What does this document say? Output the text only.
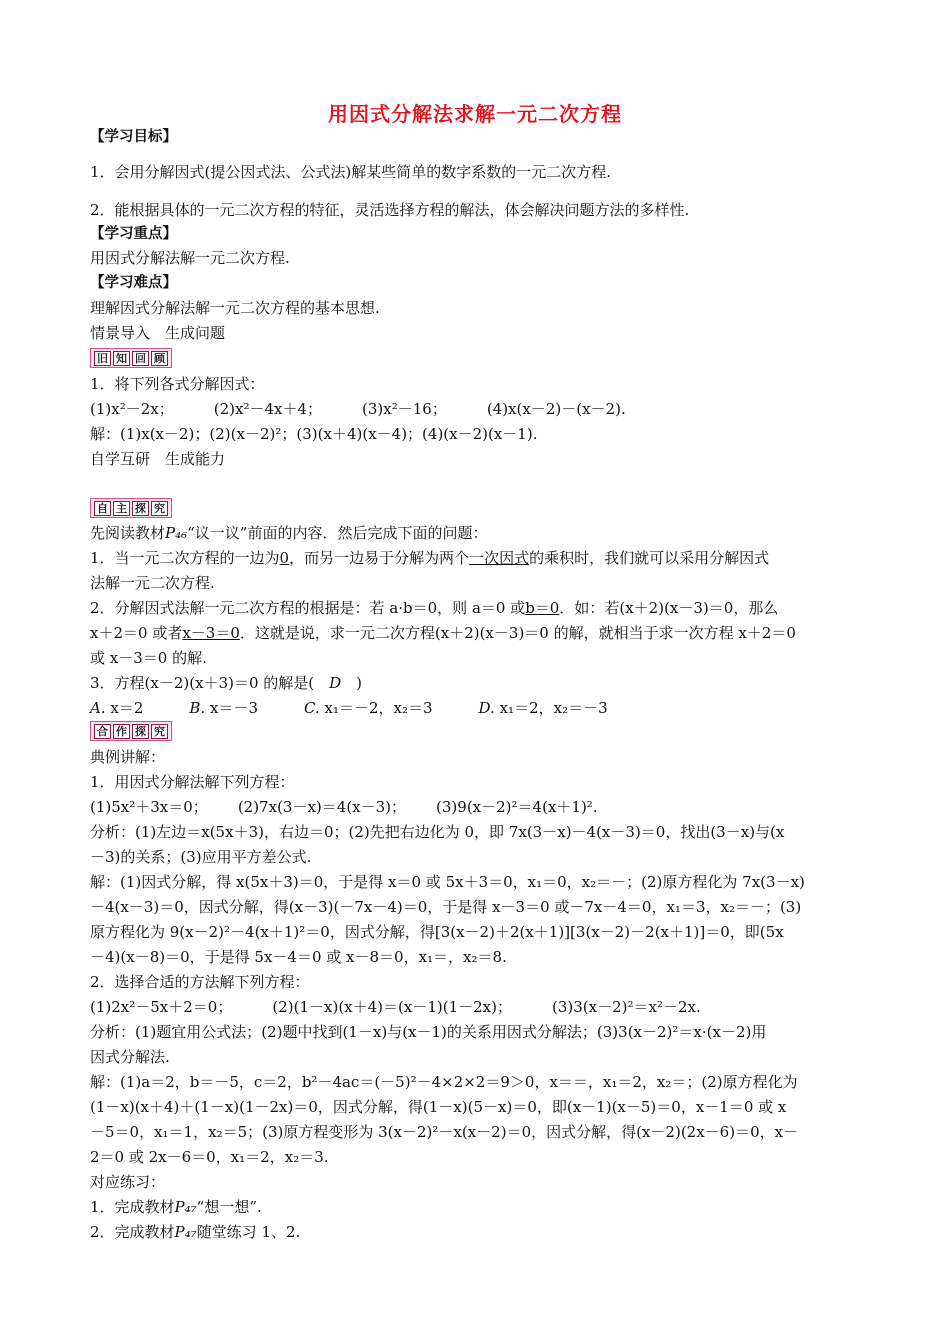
用因式分解法求解一元二次方程
【学习目标】
1．会用分解因式(提公因式法、公式法)解某些简单的数字系数的一元二次方程.
2．能根据具体的一元二次方程的特征，灵活选择方程的解法，体会解决问题方法的多样性.
【学习重点】
用因式分解法解一元二次方程.
【学习难点】
理解因式分解法解一元二次方程的基本思想.
情景导入　生成问题
旧 知 回 顾
1．将下列各式分解因式：
(1)x²－2x；	(2)x²－4x＋4；	(3)x²－16；	(4)x(x－2)－(x－2).
解：(1)x(x－2)；(2)(x－2)²；(3)(x＋4)(x－4)；(4)(x－2)(x－1).
自学互研　生成能力
自 主 探 究
先阅读教材P₄₆“议一议”前面的内容．然后完成下面的问题：
1．当一元二次方程的一边为0，而另一边易于分解为两个一次因式的乘积时，我们就可以采用分解因式
法解一元二次方程.
2．分解因式法解一元二次方程的根据是：若 a·b＝0，则 a＝0 或b＝0．如：若(x＋2)(x－3)＝0，那么
x＋2＝0 或者x－3＝0．这就是说，求一元二次方程(x＋2)(x－3)＝0 的解，就相当于求一次方程 x＋2＝0
或 x－3＝0 的解.
3．方程(x－2)(x＋3)＝0 的解是(　D　)
A. x＝2	B. x＝－3	C. x₁＝－2，x₂＝3	D. x₁＝2，x₂＝－3
合 作 探 究
典例讲解：
1．用因式分解法解下列方程：
(1)5x²＋3x＝0； (2)7x(3－x)＝4(x－3)； (3)9(x－2)²＝4(x＋1)².
分析：(1)左边＝x(5x＋3)，右边＝0；(2)先把右边化为 0，即 7x(3－x)－4(x－3)＝0，找出(3－x)与(x
－3)的关系；(3)应用平方差公式.
解：(1)因式分解，得 x(5x＋3)＝0，于是得 x＝0 或 5x＋3＝0，x₁＝0，x₂＝－；(2)原方程化为 7x(3－x)
－4(x－3)＝0，因式分解，得(x－3)(－7x－4)＝0，于是得 x－3＝0 或－7x－4＝0，x₁＝3，x₂＝－；(3)
原方程化为 9(x－2)²－4(x＋1)²＝0，因式分解，得[3(x－2)＋2(x＋1)][3(x－2)－2(x＋1)]＝0，即(5x
－4)(x－8)＝0，于是得 5x－4＝0 或 x－8＝0，x₁＝，x₂＝8.
2．选择合适的方法解下列方程：
(1)2x²－5x＋2＝0；	(2)(1－x)(x＋4)＝(x－1)(1－2x)；	(3)3(x－2)²＝x²－2x.
分析：(1)题宜用公式法；(2)题中找到(1－x)与(x－1)的关系用因式分解法；(3)3(x－2)²＝x·(x－2)用
因式分解法.
解：(1)a＝2，b＝－5，c＝2，b²－4ac＝(－5)²－4×2×2＝9＞0，x＝＝，x₁＝2，x₂＝；(2)原方程化为
(1－x)(x＋4)＋(1－x)(1－2x)＝0，因式分解，得(1－x)(5－x)＝0，即(x－1)(x－5)＝0，x－1＝0 或 x
－5＝0，x₁＝1，x₂＝5；(3)原方程变形为 3(x－2)²－x(x－2)＝0，因式分解，得(x－2)(2x－6)＝0，x－
2＝0 或 2x－6＝0，x₁＝2，x₂＝3.
对应练习：
1．完成教材P₄₇“想一想”.
2．完成教材P₄₇随堂练习 1、2.
